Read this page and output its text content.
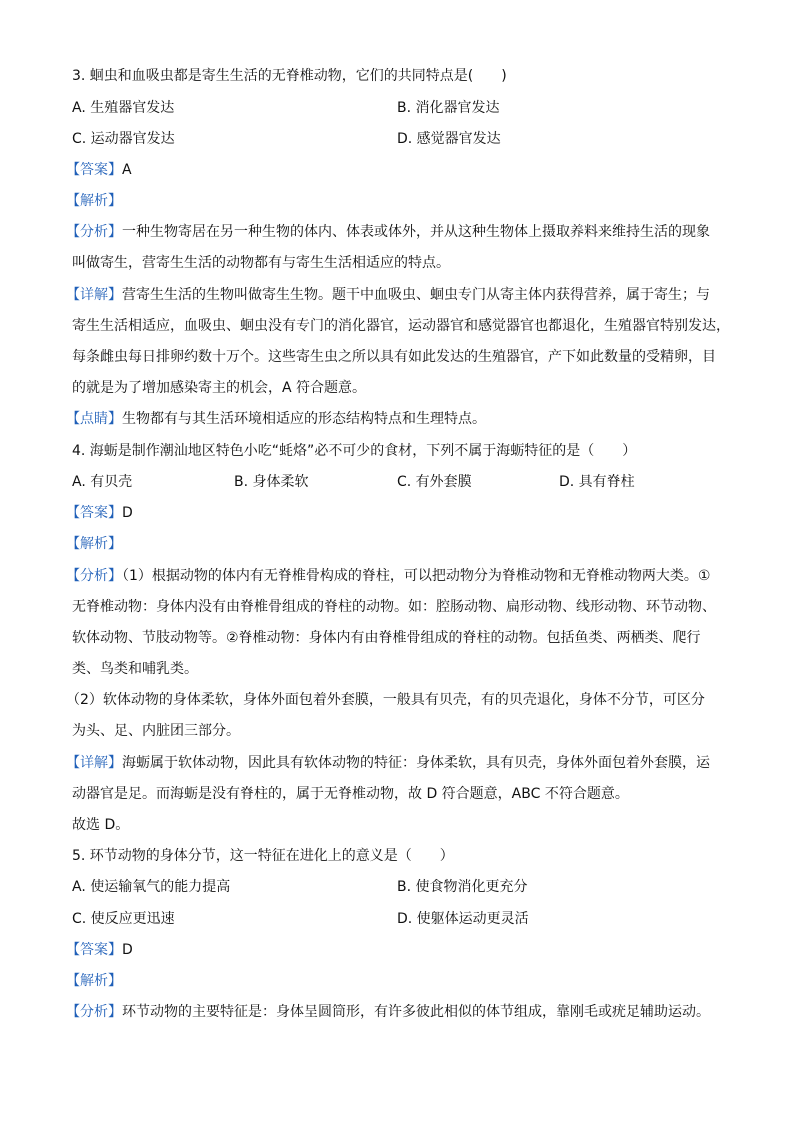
3. 蛔虫和血吸虫都是寄生生活的无脊椎动物，它们的共同特点是(　　)
A. 生殖器官发达	B. 消化器官发达
C. 运动器官发达	D. 感觉器官发达
【答案】A
【解析】
【分析】一种生物寄居在另一种生物的体内、体表或体外，并从这种生物体上摄取养料来维持生活的现象
叫做寄生，营寄生生活的动物都有与寄生生活相适应的特点。
【详解】营寄生生活的生物叫做寄生生物。题干中血吸虫、蛔虫专门从寄主体内获得营养，属于寄生；与
寄生生活相适应，血吸虫、蛔虫没有专门的消化器官，运动器官和感觉器官也都退化，生殖器官特别发达，
每条雌虫每日排卵约数十万个。这些寄生虫之所以具有如此发达的生殖器官，产下如此数量的受精卵，目
的就是为了增加感染寄主的机会，A 符合题意。
【点睛】生物都有与其生活环境相适应的形态结构特点和生理特点。
4. 海蛎是制作潮汕地区特色小吃“蚝烙”必不可少的食材，下列不属于海蛎特征的是（　　）
A. 有贝壳	B. 身体柔软	C. 有外套膜	D. 具有脊柱
【答案】D
【解析】
【分析】（1）根据动物的体内有无脊椎骨构成的脊柱，可以把动物分为脊椎动物和无脊椎动物两大类。①
无脊椎动物：身体内没有由脊椎骨组成的脊柱的动物。如：腔肠动物、扁形动物、线形动物、环节动物、
软体动物、节肢动物等。②脊椎动物：身体内有由脊椎骨组成的脊柱的动物。包括鱼类、两栖类、爬行
类、鸟类和哺乳类。
（2）软体动物的身体柔软，身体外面包着外套膜，一般具有贝壳，有的贝壳退化，身体不分节，可区分
为头、足、内脏团三部分。
【详解】海蛎属于软体动物，因此具有软体动物的特征：身体柔软，具有贝壳，身体外面包着外套膜，运
动器官是足。而海蛎是没有脊柱的，属于无脊椎动物，故 D 符合题意，ABC 不符合题意。
故选 D。
5. 环节动物的身体分节，这一特征在进化上的意义是（　　）
A. 使运输氧气的能力提高	B. 使食物消化更充分
C. 使反应更迅速	D. 使躯体运动更灵活
【答案】D
【解析】
【分析】环节动物的主要特征是：身体呈圆筒形，有许多彼此相似的体节组成，靠刚毛或疣足辅助运动。
